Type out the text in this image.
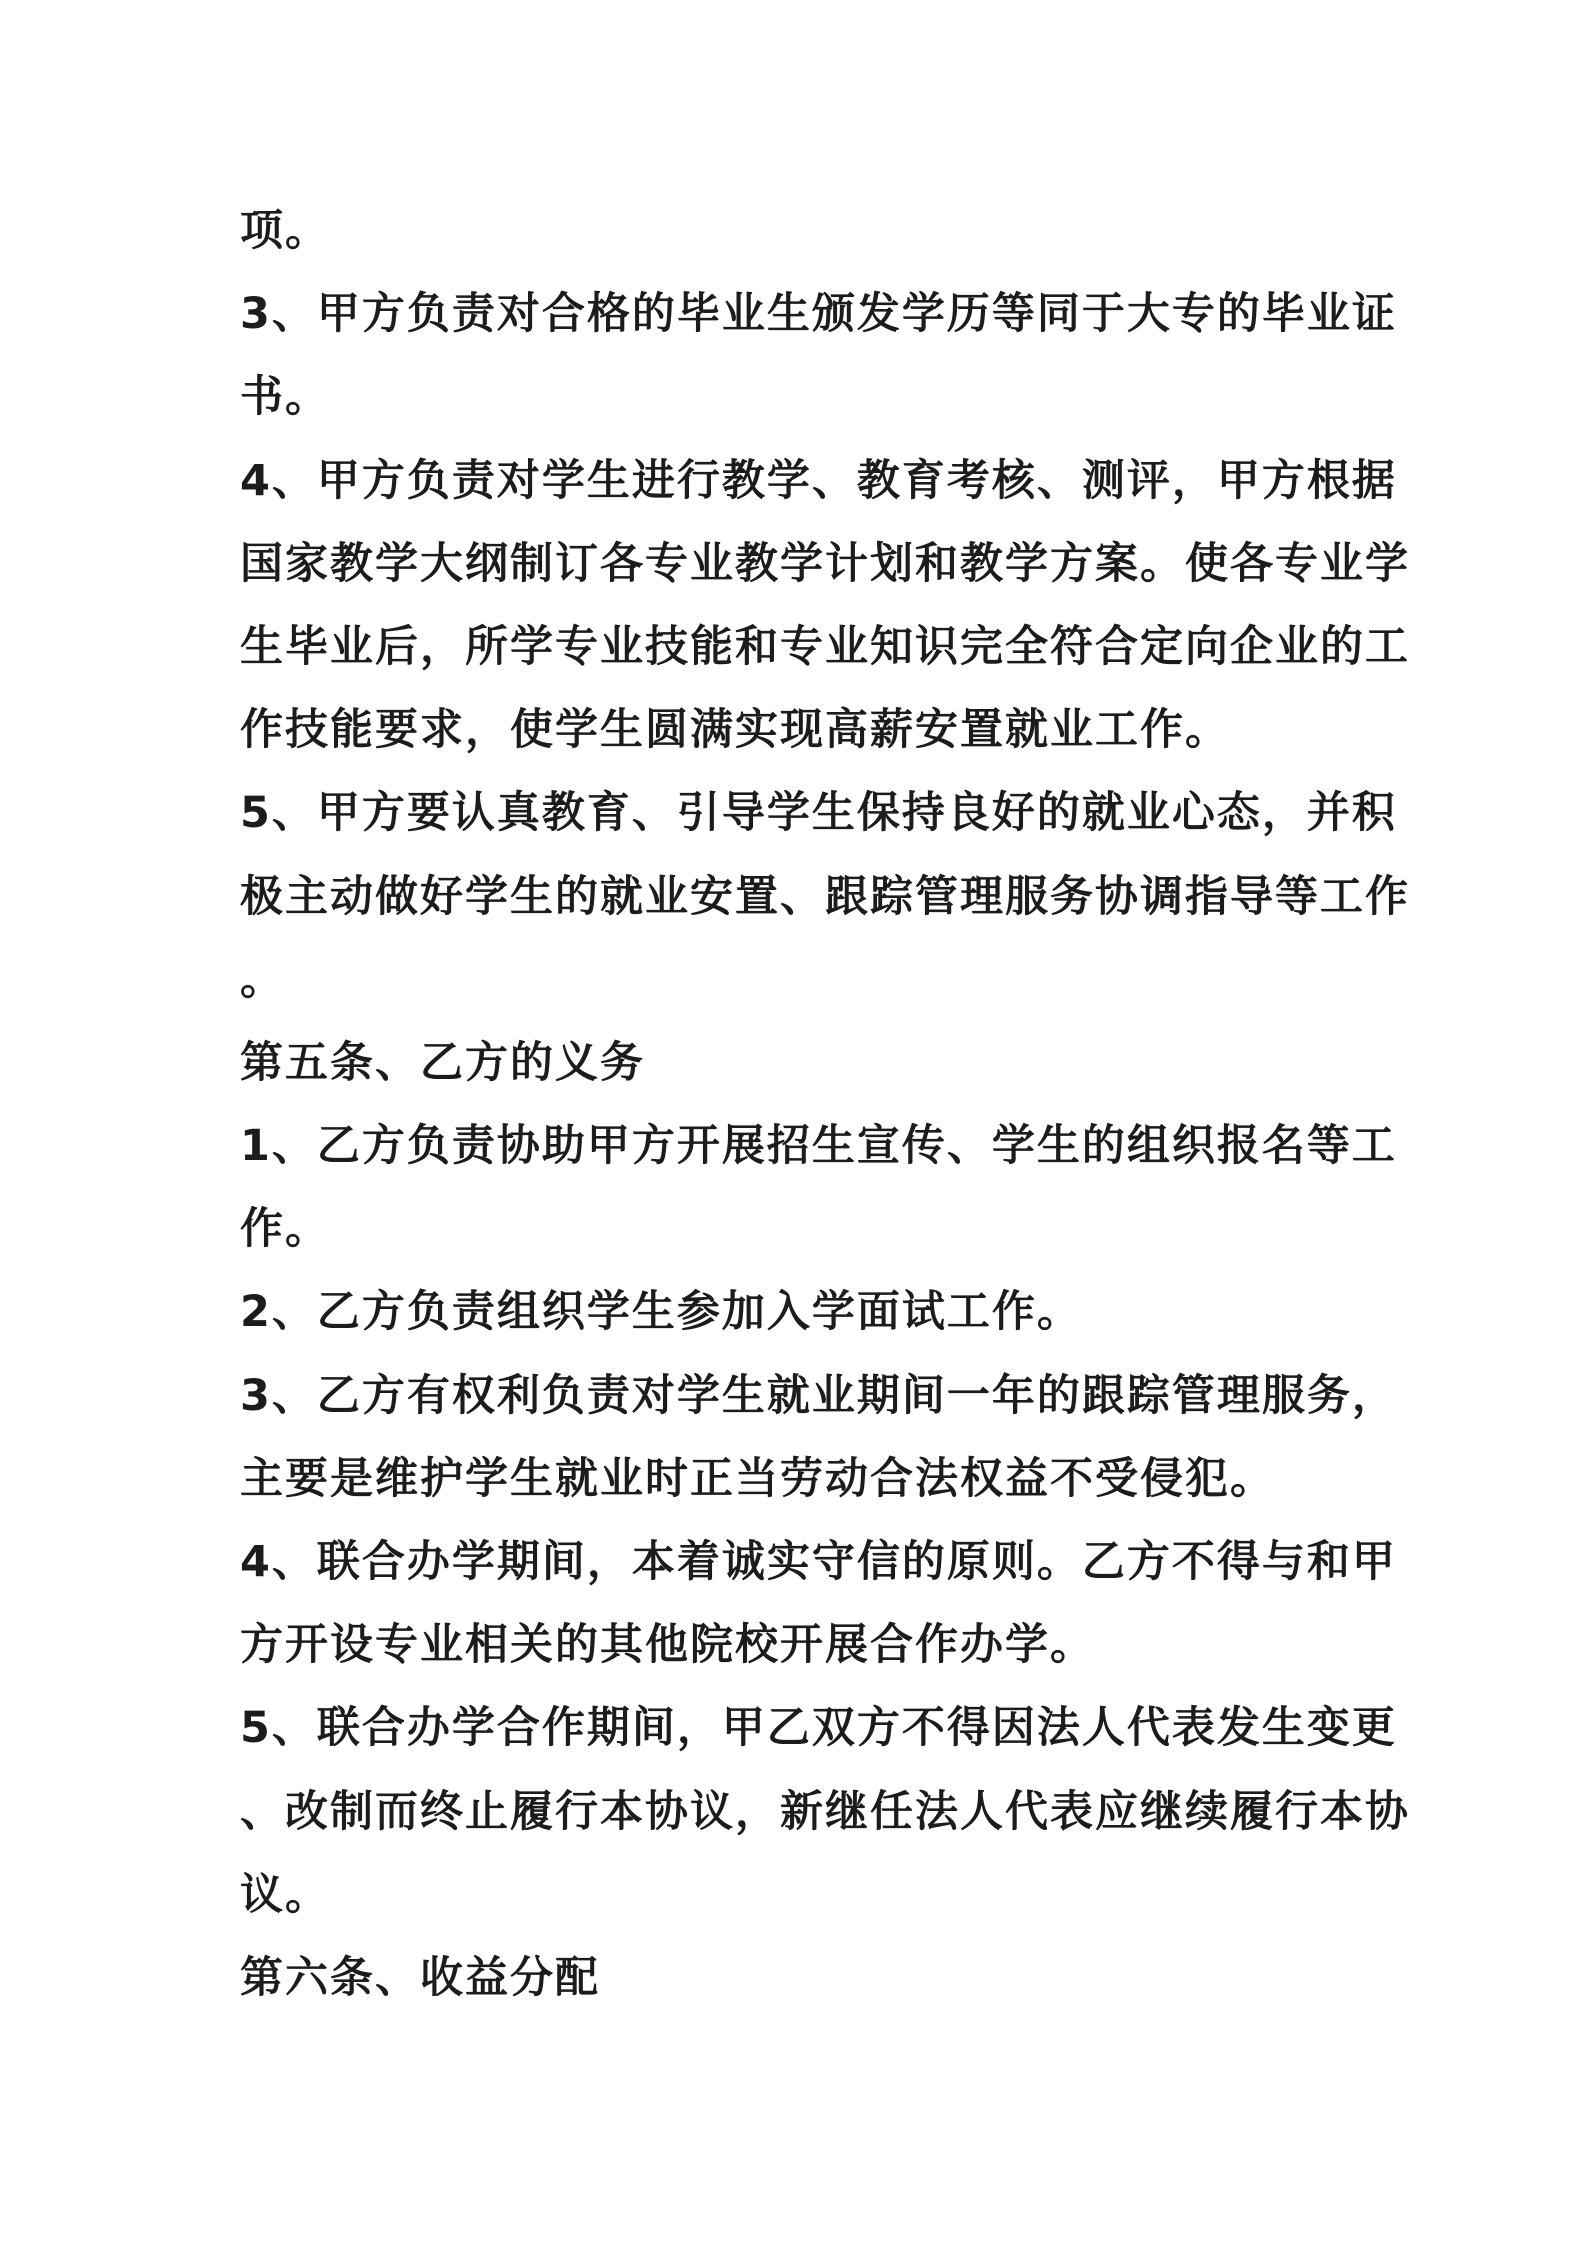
项。
3、甲方负责对合格的毕业生颁发学历等同于大专的毕业证
书。
4、甲方负责对学生进行教学、教育考核、测评，甲方根据
国家教学大纲制订各专业教学计划和教学方案。使各专业学
生毕业后，所学专业技能和专业知识完全符合定向企业的工
作技能要求，使学生圆满实现高薪安置就业工作。
5、甲方要认真教育、引导学生保持良好的就业心态，并积
极主动做好学生的就业安置、跟踪管理服务协调指导等工作
。
第五条、乙方的义务
1、乙方负责协助甲方开展招生宣传、学生的组织报名等工
作。
2、乙方负责组织学生参加入学面试工作。
3、乙方有权利负责对学生就业期间一年的跟踪管理服务，
主要是维护学生就业时正当劳动合法权益不受侵犯。
4、联合办学期间，本着诚实守信的原则。乙方不得与和甲
方开设专业相关的其他院校开展合作办学。
5、联合办学合作期间，甲乙双方不得因法人代表发生变更
、改制而终止履行本协议，新继任法人代表应继续履行本协
议。
第六条、收益分配
